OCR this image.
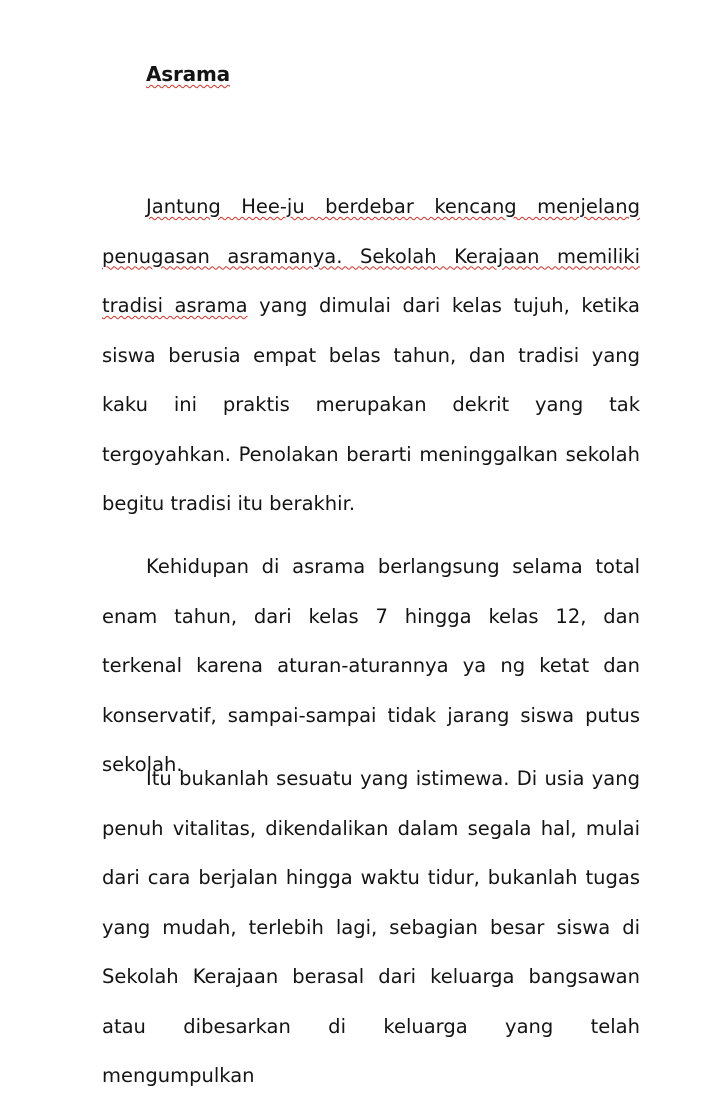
Asrama

Jantung Hee-ju berdebar kencang menjelang penugasan asramanya. Sekolah Kerajaan memiliki tradisi asrama yang dimulai dari kelas tujuh, ketika siswa berusia empat belas tahun, dan tradisi yang kaku ini praktis merupakan dekrit yang tak tergoyahkan. Penolakan berarti meninggalkan sekolah begitu tradisi itu berakhir.

Kehidupan di asrama berlangsung selama total enam tahun, dari kelas 7 hingga kelas 12, dan terkenal karena aturan-aturannya ya ng ketat dan konservatif, sampai-sampai tidak jarang siswa putus sekolah.

Itu bukanlah sesuatu yang istimewa. Di usia yang penuh vitalitas, dikendalikan dalam segala hal, mulai dari cara berjalan hingga waktu tidur, bukanlah tugas yang mudah, terlebih lagi, sebagian besar siswa di Sekolah Kerajaan berasal dari keluarga bangsawan atau dibesarkan di keluarga yang telah mengumpulkan
